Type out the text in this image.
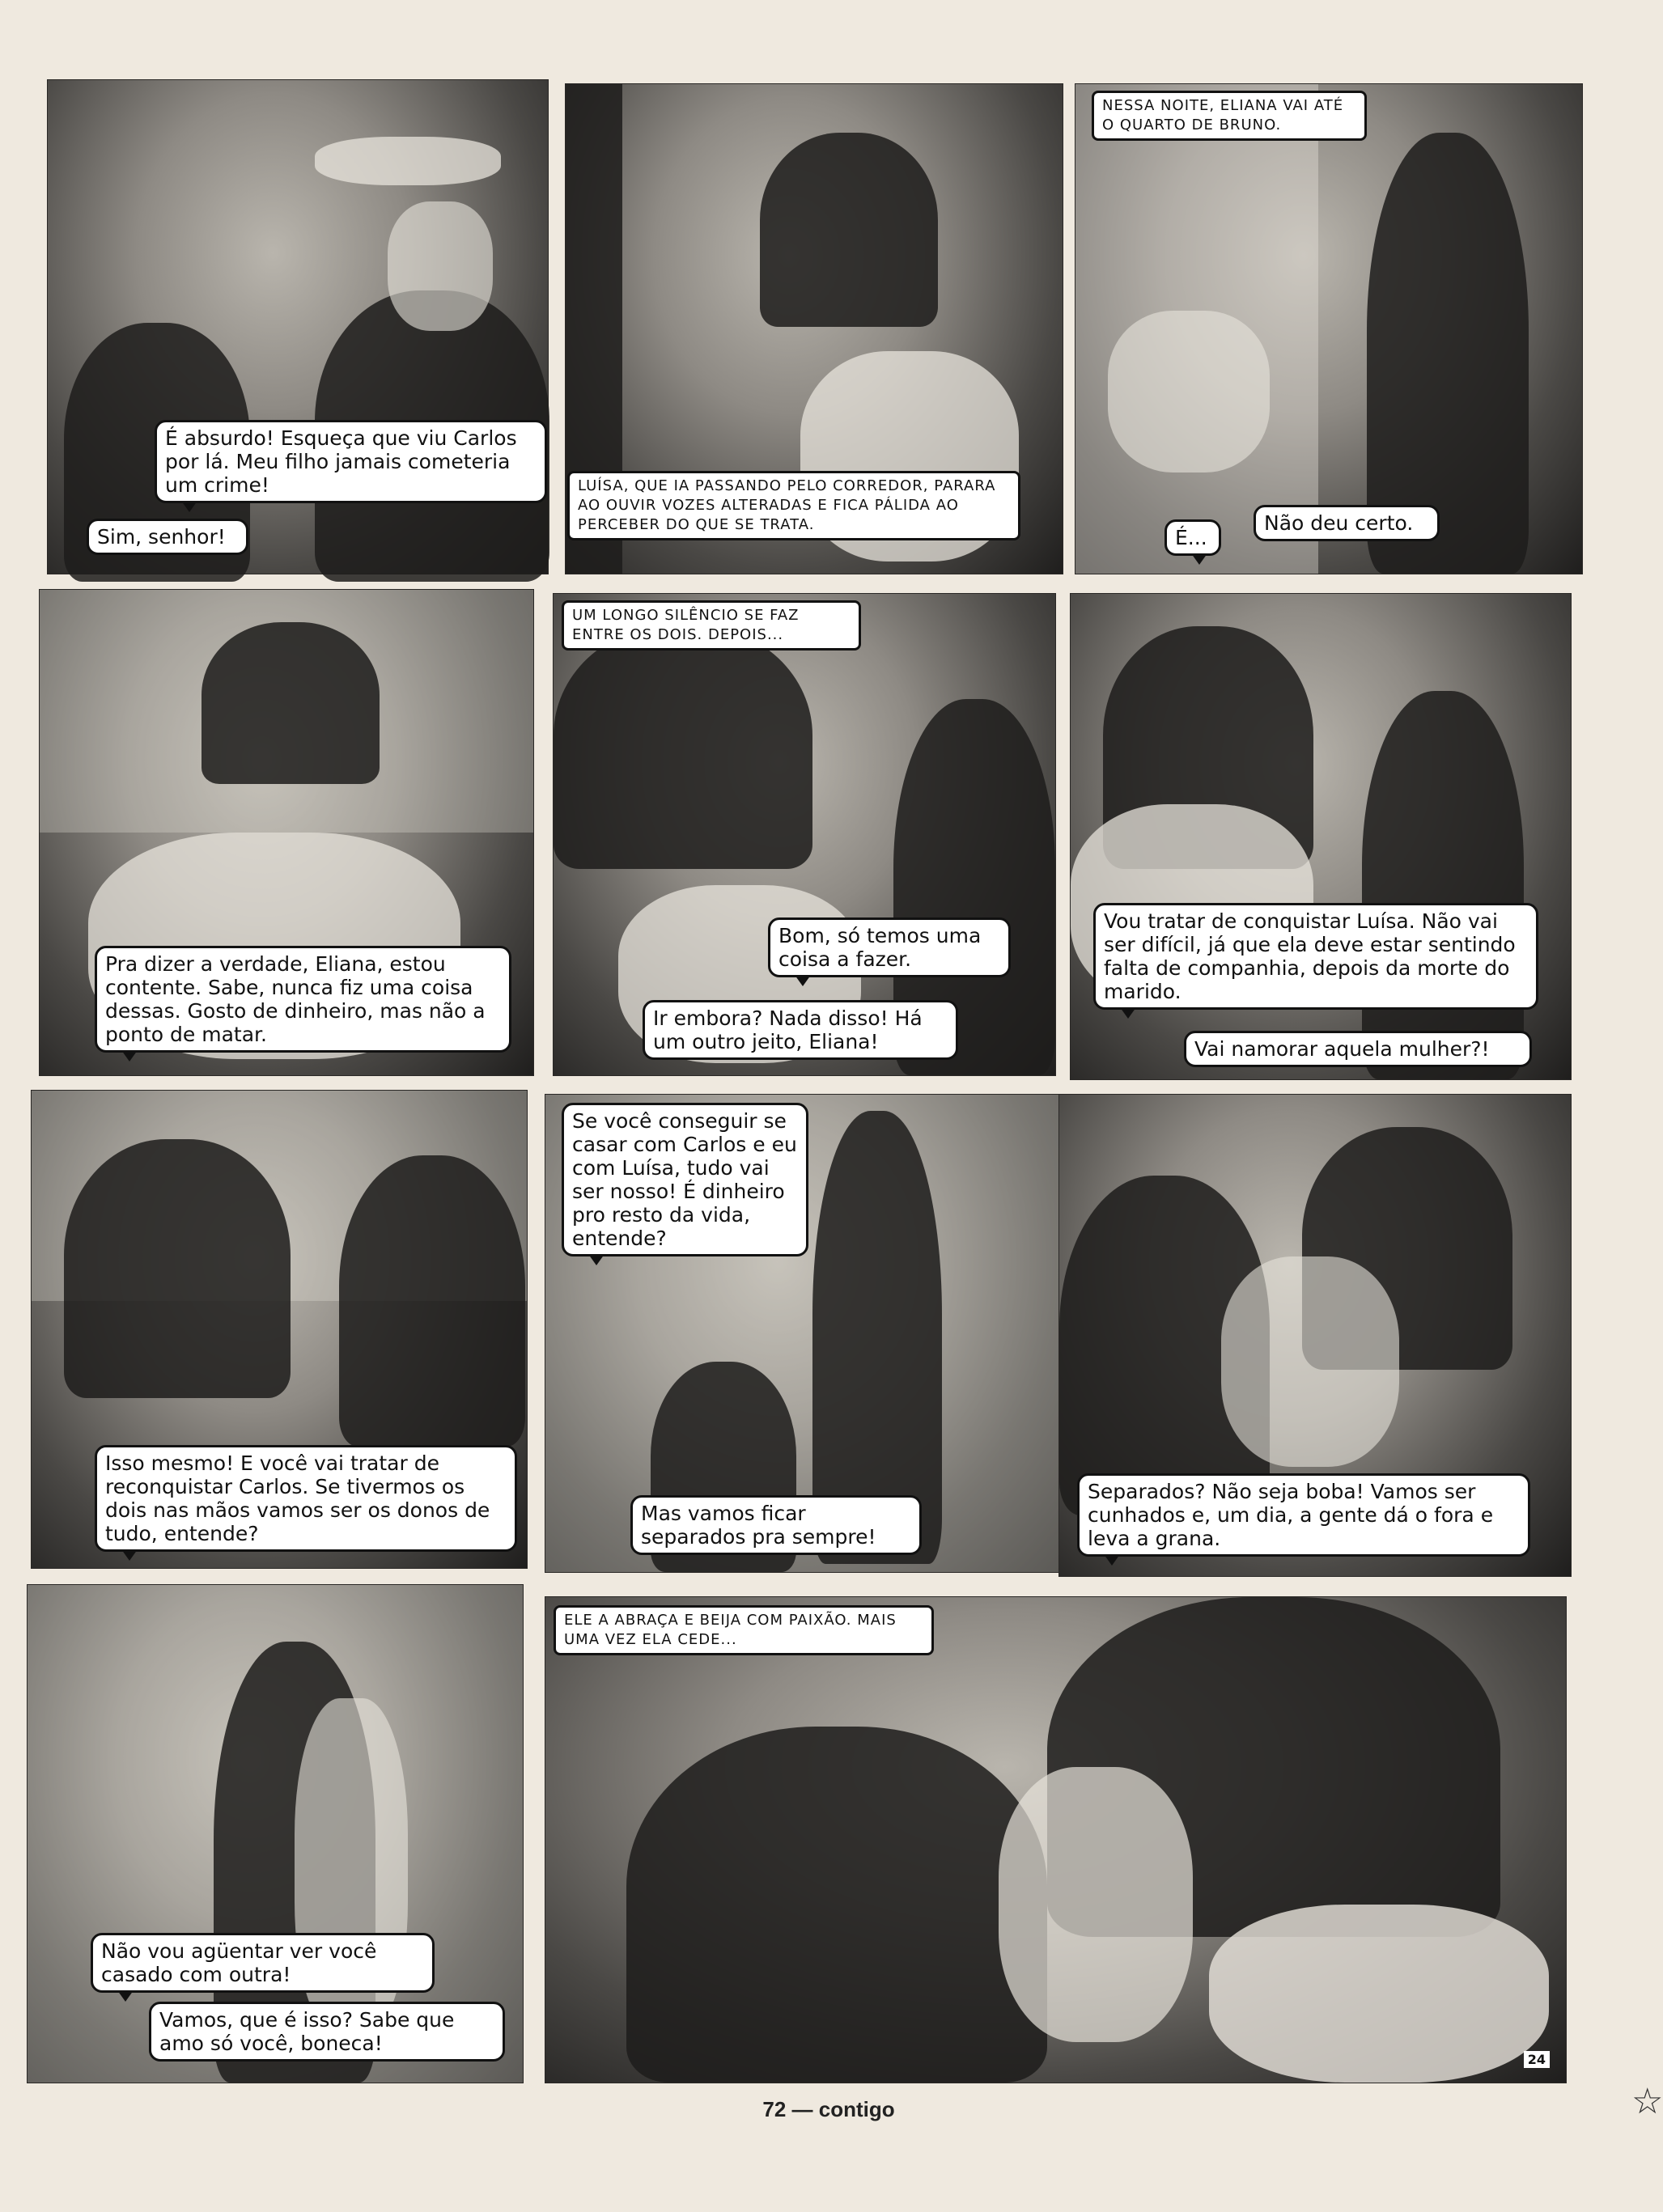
É absurdo! Esqueça que viu Carlos por lá. Meu filho jamais cometeria um crime!
Sim, senhor!
LUÍSA, QUE IA PASSANDO PELO CORREDOR, PARARA AO OUVIR VOZES ALTERADAS E FICA PÁLIDA AO PERCEBER DO QUE SE TRATA.
NESSA NOITE, ELIANA VAI ATÉ O QUARTO DE BRUNO.
É...
Não deu certo.
Pra dizer a verdade, Eliana, estou contente. Sabe, nunca fiz uma coisa dessas. Gosto de dinheiro, mas não a ponto de matar.
UM LONGO SILÊNCIO SE FAZ ENTRE OS DOIS. DEPOIS...
Bom, só temos uma coisa a fazer.
Ir embora? Nada disso! Há um outro jeito, Eliana!
Vou tratar de conquistar Luísa. Não vai ser difícil, já que ela deve estar sentindo falta de companhia, depois da morte do marido.
Vai namorar aquela mulher?!
Isso mesmo! E você vai tratar de reconquistar Carlos. Se tivermos os dois nas mãos vamos ser os donos de tudo, entende?
Se você conseguir se casar com Carlos e eu com Luísa, tudo vai ser nosso! É dinheiro pro resto da vida, entende?
Mas vamos ficar separados pra sempre!
Separados? Não seja boba! Vamos ser cunhados e, um dia, a gente dá o fora e leva a grana.
Não vou agüentar ver você casado com outra!
Vamos, que é isso? Sabe que amo só você, boneca!
ELE A ABRAÇA E BEIJA COM PAIXÃO. MAIS UMA VEZ ELA CEDE...
24
72 — contigo	☆
